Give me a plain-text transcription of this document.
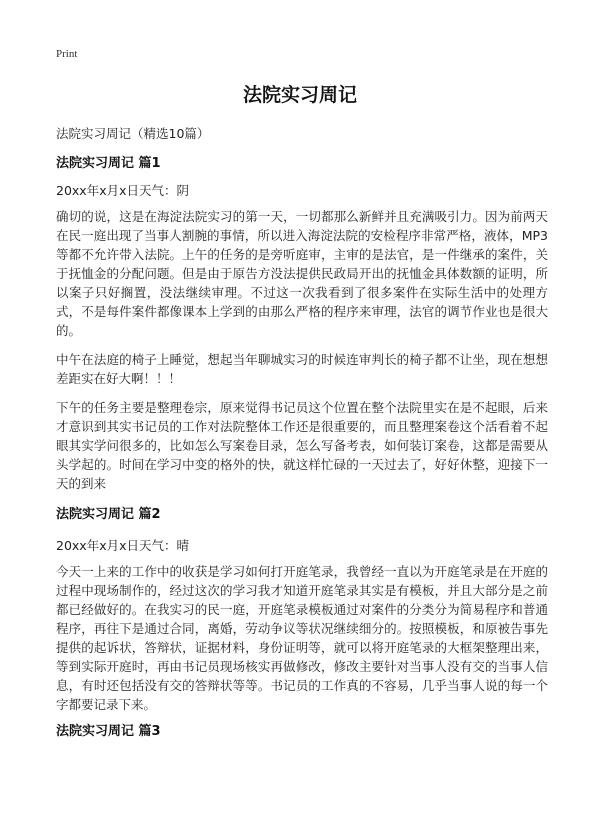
Print
法院实习周记
法院实习周记（精选10篇）
法院实习周记 篇1
20xx年x月x日天气：阴

确切的说，这是在海淀法院实习的第一天，一切都那么新鲜并且充满吸引力。因为前两天在民一庭出现了当事人割腕的事情，所以进入海淀法院的安检程序非常严格，液体，MP3等都不允许带入法院。上午的任务的是旁听庭审，主审的是法官，是一件继承的案件，关于抚恤金的分配问题。但是由于原告方没法提供民政局开出的抚恤金具体数额的证明，所以案子只好搁置，没法继续审理。不过这一次我看到了很多案件在实际生活中的处理方式，不是每件案件都像课本上学到的由那么严格的程序来审理，法官的调节作业也是很大的。

中午在法庭的椅子上睡觉，想起当年聊城实习的时候连审判长的椅子都不让坐，现在想想差距实在好大啊！！！

下午的任务主要是整理卷宗，原来觉得书记员这个位置在整个法院里实在是不起眼，后来才意识到其实书记员的工作对法院整体工作还是很重要的，而且整理案卷这个活看着不起眼其实学问很多的，比如怎么写案卷目录，怎么写备考表，如何装订案卷，这都是需要从头学起的。时间在学习中变的格外的快，就这样忙碌的一天过去了，好好休整，迎接下一天的到来

法院实习周记 篇2
20xx年x月x日天气：晴

今天一上来的工作中的收获是学习如何打开庭笔录，我曾经一直以为开庭笔录是在开庭的过程中现场制作的，经过这次的学习我才知道开庭笔录其实是有模板，并且大部分是之前都已经做好的。在我实习的民一庭，开庭笔录模板通过对案件的分类分为简易程序和普通程序，再往下是通过合同，离婚，劳动争议等状况继续细分的。按照模板，和原被告事先提供的起诉状，答辩状，证据材料，身份证明等，就可以将开庭笔录的大框架整理出来，等到实际开庭时，再由书记员现场核实再做修改，修改主要针对当事人没有交的当事人信息，有时还包括没有交的答辩状等等。书记员的工作真的不容易，几乎当事人说的每一个字都要记录下来。

法院实习周记 篇3
